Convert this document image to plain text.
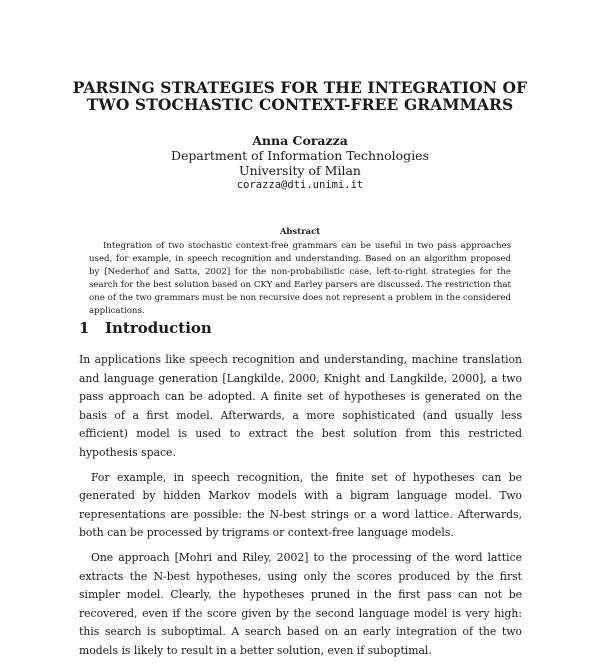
PARSING STRATEGIES FOR THE INTEGRATION OF
TWO STOCHASTIC CONTEXT-FREE GRAMMARS
Anna Corazza
Department of Information Technologies
University of Milan
corazza@dti.unimi.it
Abstract
Integration of two stochastic context-free grammars can be useful in two pass approaches used, for example, in speech recognition and understanding. Based on an algorithm proposed by [Nederhof and Satta, 2002] for the non-probabilistic case, left-to-right strategies for the search for the best solution based on CKY and Earley parsers are discussed. The restriction that one of the two grammars must be non recursive does not represent a problem in the considered applications.
1 Introduction

In applications like speech recognition and understanding, machine translation and language generation [Langkilde, 2000, Knight and Langkilde, 2000], a two pass approach can be adopted. A finite set of hypotheses is generated on the basis of a first model. Afterwards, a more sophisticated (and usually less efficient) model is used to extract the best solution from this restricted hypothesis space.

For example, in speech recognition, the finite set of hypotheses can be generated by hidden Markov models with a bigram language model. Two representations are possible: the N-best strings or a word lattice. Afterwards, both can be processed by trigrams or context-free language models.

One approach [Mohri and Riley, 2002] to the processing of the word lattice extracts the N-best hypotheses, using only the scores produced by the first simpler model. Clearly, the hypotheses pruned in the first pass can not be recovered, even if the score given by the second language model is very high: this search is suboptimal. A search based on an early integration of the two models is likely to result in a better solution, even if suboptimal.
